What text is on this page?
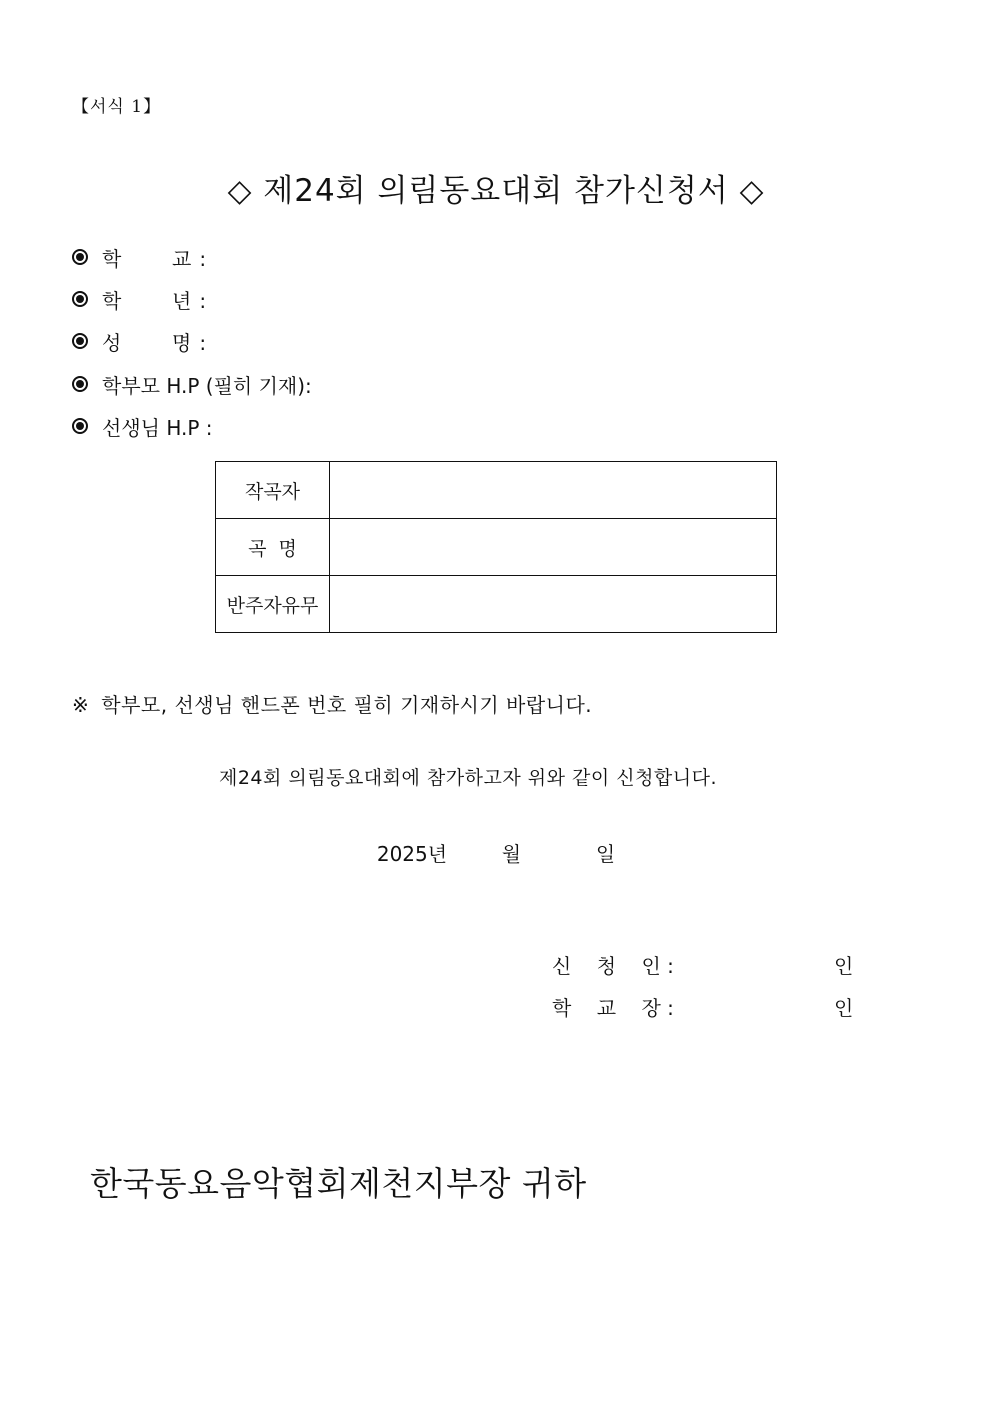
【서식 1】
◇ 제24회 의림동요대회 참가신청서 ◇
학	교 :
학	년 :
성	명 :
학부모 H.P (필히 기재):
선생님 H.P :
작곡자	
곡  명	
반주자유무	
※ 학부모, 선생님 핸드폰 번호 필히 기재하시기 바랍니다.
제24회 의림동요대회에 참가하고자 위와 같이 신청합니다.
2025년	월	일
신    청    인 :	인
학    교    장 :	인
한국동요음악협회제천지부장 귀하
